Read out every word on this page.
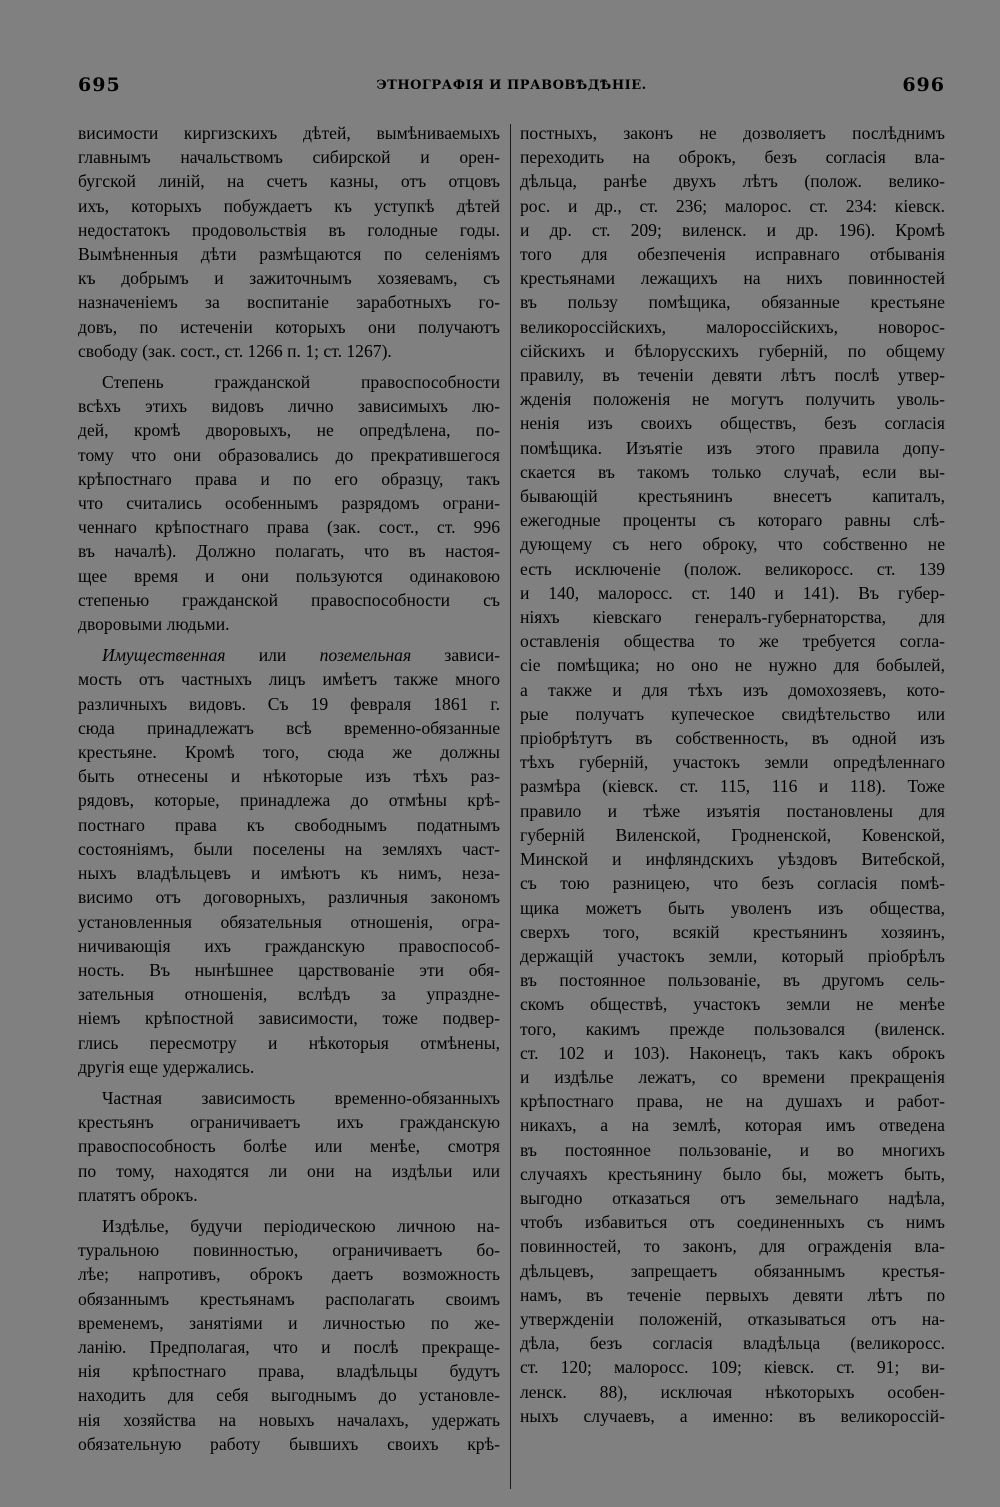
695	ЭТНОГРАФІЯ И ПРАВОВѢДѢНІЕ.	696

висимости киргизскихъ дѣтей, вымѣниваемыхъ

главнымъ начальствомъ сибирской и орен-

бугской линій, на счетъ казны, отъ отцовъ

ихъ, которыхъ побуждаетъ къ уступкѣ дѣтей

недостатокъ продовольствія въ голодные годы.

Вымѣненныя дѣти размѣщаются по селеніямъ

къ добрымъ и зажиточнымъ хозяевамъ, съ

назначеніемъ за воспитаніе заработныхъ го-

довъ, по истеченіи которыхъ они получаютъ

свободу (зак. сост., ст. 1266 п. 1; ст. 1267).

Степень гражданской правоспособности

всѣхъ этихъ видовъ лично зависимыхъ лю-

дей, кромѣ дворовыхъ, не опредѣлена, по-

тому что они образовались до прекратившегося

крѣпостнаго права и по его образцу, такъ

что считались особеннымъ разрядомъ ограни-

ченнаго крѣпостнаго права (зак. сост., ст. 996

въ началѣ). Должно полагать, что въ настоя-

щее время и они пользуются одинаковою

степенью гражданской правоспособности съ

дворовыми людьми.

Имущественная или поземельная зависи-

мость отъ частныхъ лицъ имѣетъ также много

различныхъ видовъ. Съ 19 февраля 1861 г.

сюда принадлежатъ всѣ временно-обязанные

крестьяне. Кромѣ того, сюда же должны

быть отнесены и нѣкоторые изъ тѣхъ раз-

рядовъ, которые, принадлежа до отмѣны крѣ-

постнаго права къ свободнымъ податнымъ

состояніямъ, были поселены на земляхъ част-

ныхъ владѣльцевъ и имѣютъ къ нимъ, неза-

висимо отъ договорныхъ, различныя закономъ

установленныя обязательныя отношенія, огра-

ничивающія ихъ гражданскую правоспособ-

ность. Въ нынѣшнее царствованіе эти обя-

зательныя отношенія, вслѣдъ за упраздне-

ніемъ крѣпостной зависимости, тоже подвер-

глись пересмотру и нѣкоторыя отмѣнены,

другія еще удержались.

Частная зависимость временно-обязанныхъ

крестьянъ ограничиваетъ ихъ гражданскую

правоспособность болѣе или менѣе, смотря

по тому, находятся ли они на издѣльи или

платятъ оброкъ.

Издѣлье, будучи періодическою личною на-

туральною повинностью, ограничиваетъ бо-

лѣе; напротивъ, оброкъ даетъ возможность

обязаннымъ крестьянамъ располагать своимъ

временемъ, занятіями и личностью по же-

ланію. Предполагая, что и послѣ прекраще-

нія крѣпостнаго права, владѣльцы будутъ

находить для себя выгоднымъ до установле-

нія хозяйства на новыхъ началахъ, удержать

обязательную работу бывшихъ своихъ крѣ-

постныхъ, законъ не дозволяетъ послѣднимъ

переходить на оброкъ, безъ согласія вла-

дѣльца, ранѣе двухъ лѣтъ (полож. велико-

рос. и др., ст. 236; малорос. ст. 234: кіевск.

и др. ст. 209; виленск. и др. 196). Кромѣ

того для обезпеченія исправнаго отбыванія

крестьянами лежащихъ на нихъ повинностей

въ пользу помѣщика, обязанные крестьяне

великороссійскихъ, малороссійскихъ, новорос-

сійскихъ и бѣлорусскихъ губерній, по общему

правилу, въ теченіи девяти лѣтъ послѣ утвер-

жденія положенія не могутъ получить уволь-

ненія изъ своихъ обществъ, безъ согласія

помѣщика. Изъятіе изъ этого правила допу-

скается въ такомъ только случаѣ, если вы-

бывающій крестьянинъ внесетъ капиталъ,

ежегодные проценты съ котораго равны слѣ-

дующему съ него оброку, что собственно не

есть исключеніе (полож. великоросс. ст. 139

и 140, малоросс. ст. 140 и 141). Въ губер-

ніяхъ кіевскаго генералъ-губернаторства, для

оставленія общества то же требуется согла-

сіе помѣщика; но оно не нужно для бобылей,

а также и для тѣхъ изъ домохозяевъ, кото-

рые получатъ купеческое свидѣтельство или

пріобрѣтутъ въ собственность, въ одной изъ

тѣхъ губерній, участокъ земли опредѣленнаго

размѣра (кіевск. ст. 115, 116 и 118). Тоже

правило и тѣже изъятія постановлены для

губерній Виленской, Гродненской, Ковенской,

Минской и инфляндскихъ уѣздовъ Витебской,

съ тою разницею, что безъ согласія помѣ-

щика можетъ быть уволенъ изъ общества,

сверхъ того, всякій крестьянинъ хозяинъ,

держащій участокъ земли, который пріобрѣлъ

въ постоянное пользованіе, въ другомъ сель-

скомъ обществѣ, участокъ земли не менѣе

того, какимъ прежде пользовался (виленск.

ст. 102 и 103). Наконецъ, такъ какъ оброкъ

и издѣлье лежатъ, со времени прекращенія

крѣпостнаго права, не на душахъ и работ-

никахъ, а на землѣ, которая имъ отведена

въ постоянное пользованіе, и во многихъ

случаяхъ крестьянину было бы, можетъ быть,

выгодно отказаться отъ земельнаго надѣла,

чтобъ избавиться отъ соединенныхъ съ нимъ

повинностей, то законъ, для огражденія вла-

дѣльцевъ, запрещаетъ обязаннымъ крестья-

намъ, въ теченіе первыхъ девяти лѣтъ по

утвержденіи положеній, отказываться отъ на-

дѣла, безъ согласія владѣльца (великоросс.

ст. 120; малоросс. 109; кіевск. ст. 91; ви-

ленск. 88), исключая нѣкоторыхъ особен-

ныхъ случаевъ, а именно: въ великороссій-
